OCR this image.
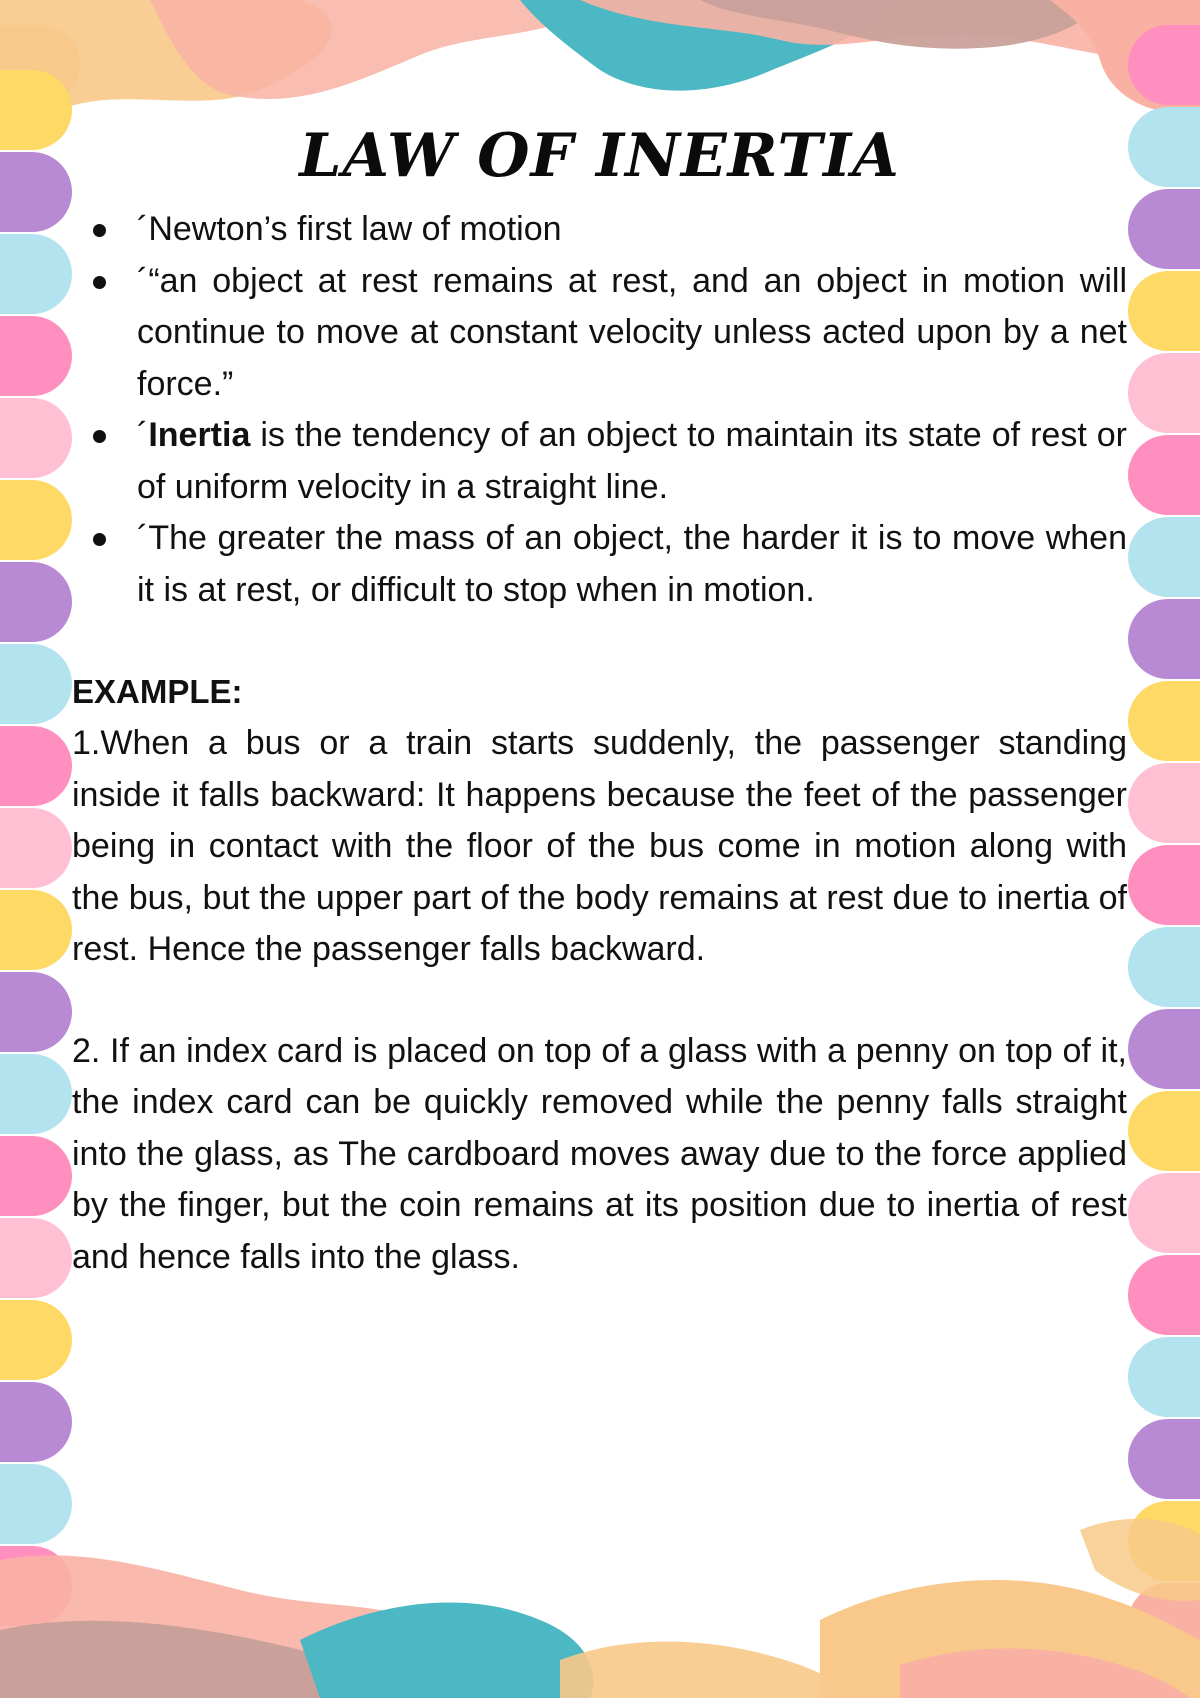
LAW OF INERTIA
´Newton’s first law of motion
´“an object at rest remains at rest, and an object in motion will continue to move at constant velocity unless acted upon by a net force.”
´Inertia is the tendency of an object to maintain its state of rest or of uniform velocity in a straight line.
´The greater the mass of an object, the harder it is to move when it is at rest, or difficult to stop when in motion.
EXAMPLE:

1.When a bus or a train starts suddenly, the passenger standing inside it falls backward: It happens because the feet of the passenger being in contact with the floor of the bus come in motion along with the bus, but the upper part of the body remains at rest due to inertia of rest. Hence the passenger falls backward.

2. If an index card is placed on top of a glass with a penny on top of it, the index card can be quickly removed while the penny falls straight into the glass, as The cardboard moves away due to the force applied by the finger, but the coin remains at its position due to inertia of rest and hence falls into the glass.
